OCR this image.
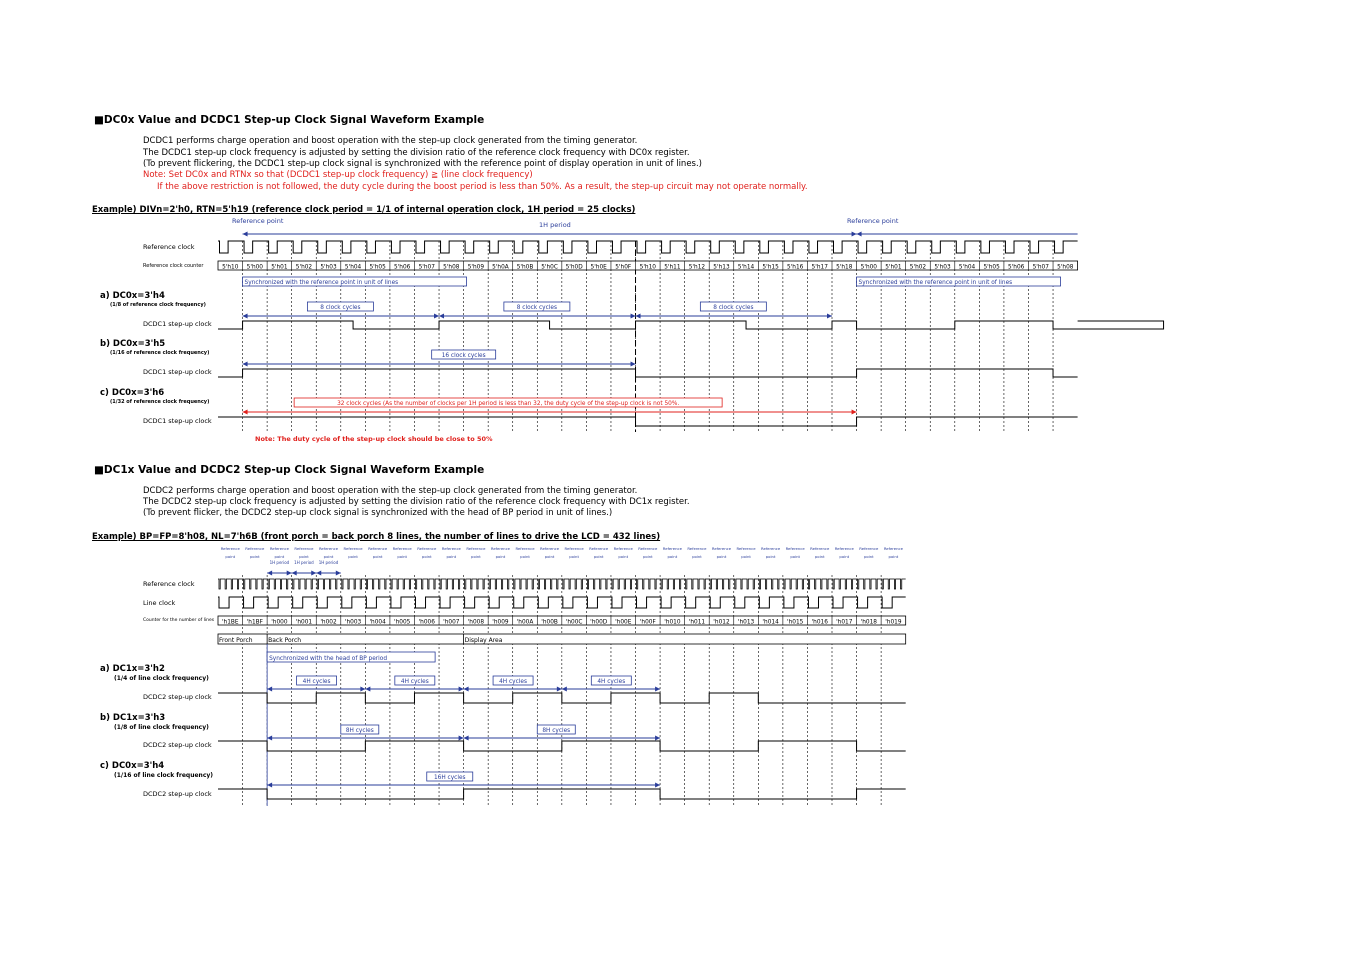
■DC0x Value and DCDC1 Step-up Clock Signal Waveform Example
DCDC1 performs charge operation and boost operation with the step-up clock generated from the timing generator.
The DCDC1 step-up clock frequency is adjusted by setting the division ratio of the reference clock frequency with DC0x register.
(To prevent flickering, the DCDC1 step-up clock signal is synchronized with the reference point of display operation in unit of lines.)
Note: Set DC0x and RTNx so that (DCDC1 step-up clock frequency) ≧ (line clock frequency)
If the above restriction is not followed, the duty cycle during the boost period is less than 50%. As a result, the step-up circuit may not operate normally.
Example) DIVn=2'h0, RTN=5'h19 (reference clock period = 1/1 of internal operation clock, 1H period = 25 clocks)
Reference point	Reference point
1H period
Reference clock
Reference clock counter
a) DC0x=3'h4
(1/8 of reference clock frequency)
DCDC1 step-up clock
b) DC0x=3'h5
(1/16 of reference clock frequency)
DCDC1 step-up clock
c) DC0x=3'h6
(1/32 of reference clock frequency)
DCDC1 step-up clock
Note: The duty cycle of the step-up clock should be close to 50%
■DC1x Value and DCDC2 Step-up Clock Signal Waveform Example
DCDC2 performs charge operation and boost operation with the step-up clock generated from the timing generator.
The DCDC2 step-up clock frequency is adjusted by setting the division ratio of the reference clock frequency with DC1x register.
(To prevent flicker, the DCDC2 step-up clock signal is synchronized with the head of BP period in unit of lines.)
Example) BP=FP=8'h08, NL=7'h6B (front porch = back porch 8 lines, the number of lines to drive the LCD = 432 lines)
Reference clock
Line clock
Counter for the number of lines
a) DC1x=3'h2
(1/4 of line clock frequency)
DCDC2 step-up clock
b) DC1x=3'h3
(1/8 of line clock frequency)
DCDC2 step-up clock
c) DC0x=3'h4
(1/16 of line clock frequency)
DCDC2 step-up clock
5'h10 5'h00 5'h01 5'h02 5'h03 5'h04 5'h05 5'h06 5'h07 5'h08 5'h09 5'h0A 5'h0B 5'h0C 5'h0D 5'h0E 5'h0F 5'h10 5'h11 5'h12 5'h13 5'h14 5'h15 5'h16 5'h17 5'h18 5'h00 5'h01 5'h02 5'h03 5'h04 5'h05 5'h06 5'h07 5'h08
Synchronized with the reference point in unit of lines	Synchronized with the reference point in unit of lines
8 clock cycles	8 clock cycles	8 clock cycles
16 clock cycles
32 clock cycles (As the number of clocks per 1H period is less than 32, the duty cycle of the step-up clock is not 50%.
Reference
point
Reference
point
Reference
point
Reference
point
Reference
point
Reference
point
Reference
point
Reference
point
Reference
point
Reference
point
Reference
point
Reference
point
Reference
point
Reference
point
Reference
point
Reference
point
Reference
point
Reference
point
Reference
point
Reference
point
Reference
point
Reference
point
Reference
point
Reference
point
Reference
point
Reference
point
Reference
point
Reference
point
1H period 1H period 1H period
'h1BE 'h1BF 'h000 'h001 'h002 'h003 'h004 'h005 'h006 'h007 'h008 'h009 'h00A 'h00B 'h00C 'h00D 'h00E 'h00F 'h010 'h011 'h012 'h013 'h014 'h015 'h016 'h017 'h018 'h019
Front Porch	Back Porch	Display Area
Synchronized with the head of BP period
4H cycles	4H cycles	4H cycles	4H cycles
8H cycles	8H cycles
16H cycles
